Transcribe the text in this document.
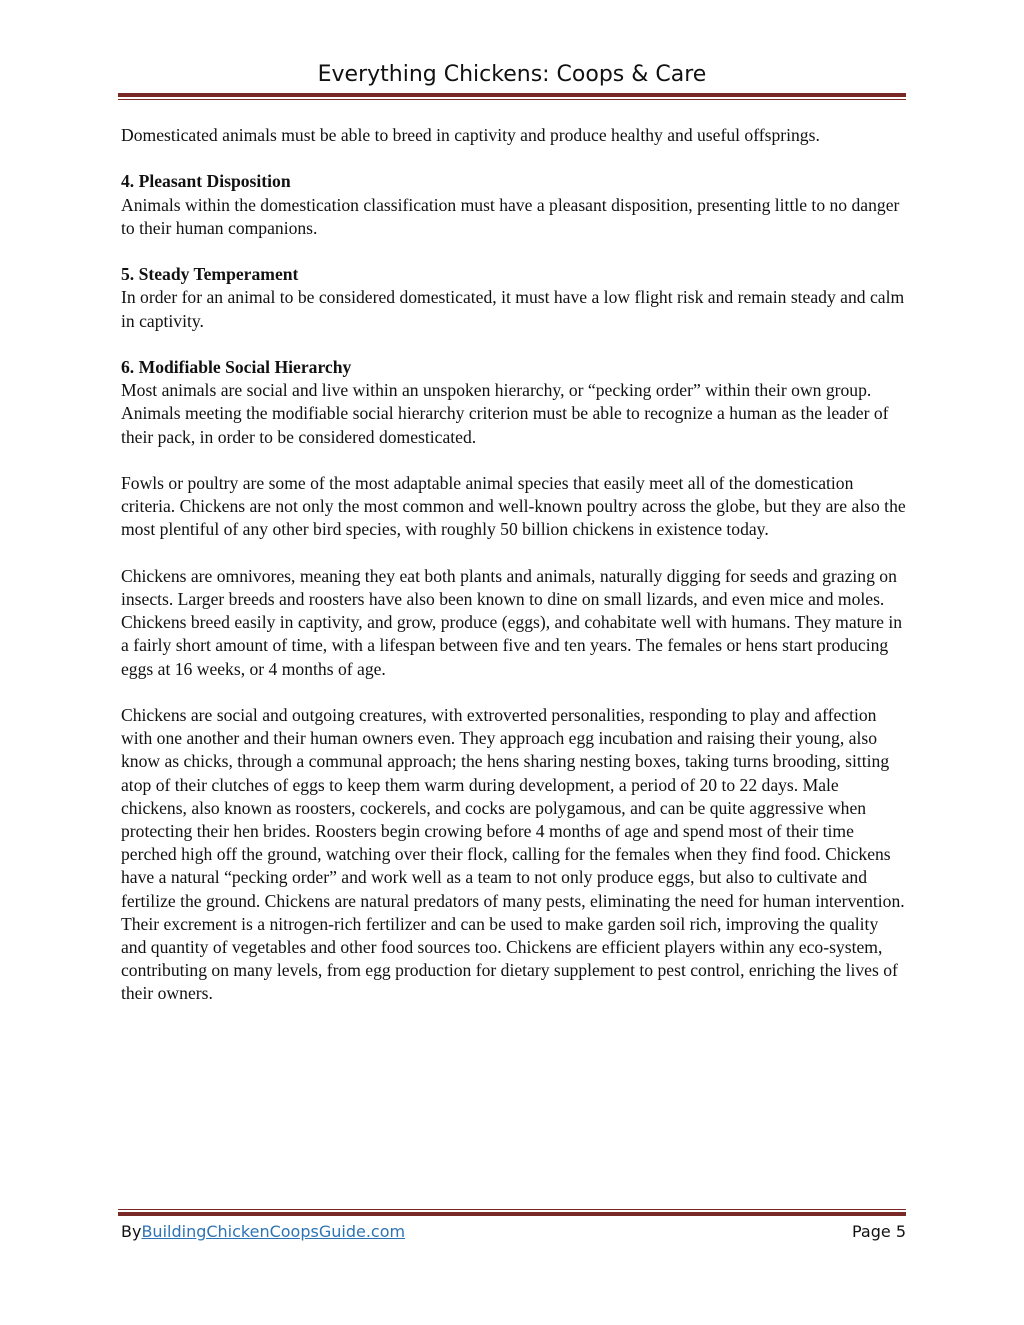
Everything Chickens: Coops & Care

Domesticated animals must be able to breed in captivity and produce healthy and useful offsprings.

4. Pleasant Disposition
Animals within the domestication classification must have a pleasant disposition, presenting little to no danger to their human companions.

5. Steady Temperament
In order for an animal to be considered domesticated, it must have a low flight risk and remain steady and calm in captivity.

6. Modifiable Social Hierarchy
Most animals are social and live within an unspoken hierarchy, or “pecking order” within their own group. Animals meeting the modifiable social hierarchy criterion must be able to recognize a human as the leader of their pack, in order to be considered domesticated.

Fowls or poultry are some of the most adaptable animal species that easily meet all of the domestication criteria. Chickens are not only the most common and well-known poultry across the globe, but they are also the most plentiful of any other bird species, with roughly 50 billion chickens in existence today.

Chickens are omnivores, meaning they eat both plants and animals, naturally digging for seeds and grazing on insects. Larger breeds and roosters have also been known to dine on small lizards, and even mice and moles. Chickens breed easily in captivity, and grow, produce (eggs), and cohabitate well with humans. They mature in a fairly short amount of time, with a lifespan between five and ten years. The females or hens start producing eggs at 16 weeks, or 4 months of age.

Chickens are social and outgoing creatures, with extroverted personalities, responding to play and affection with one another and their human owners even. They approach egg incubation and raising their young, also know as chicks, through a communal approach; the hens sharing nesting boxes, taking turns brooding, sitting atop of their clutches of eggs to keep them warm during development, a period of 20 to 22 days. Male chickens, also known as roosters, cockerels, and cocks are polygamous, and can be quite aggressive when protecting their hen brides. Roosters begin crowing before 4 months of age and spend most of their time perched high off the ground, watching over their flock, calling for the females when they find food. Chickens have a natural “pecking order” and work well as a team to not only produce eggs, but also to cultivate and fertilize the ground. Chickens are natural predators of many pests, eliminating the need for human intervention. Their excrement is a nitrogen-rich fertilizer and can be used to make garden soil rich, improving the quality and quantity of vegetables and other food sources too. Chickens are efficient players within any eco-system, contributing on many levels, from egg production for dietary supplement to pest control, enriching the lives of their owners.

ByBuildingChickenCoopsGuide.com	Page 5
